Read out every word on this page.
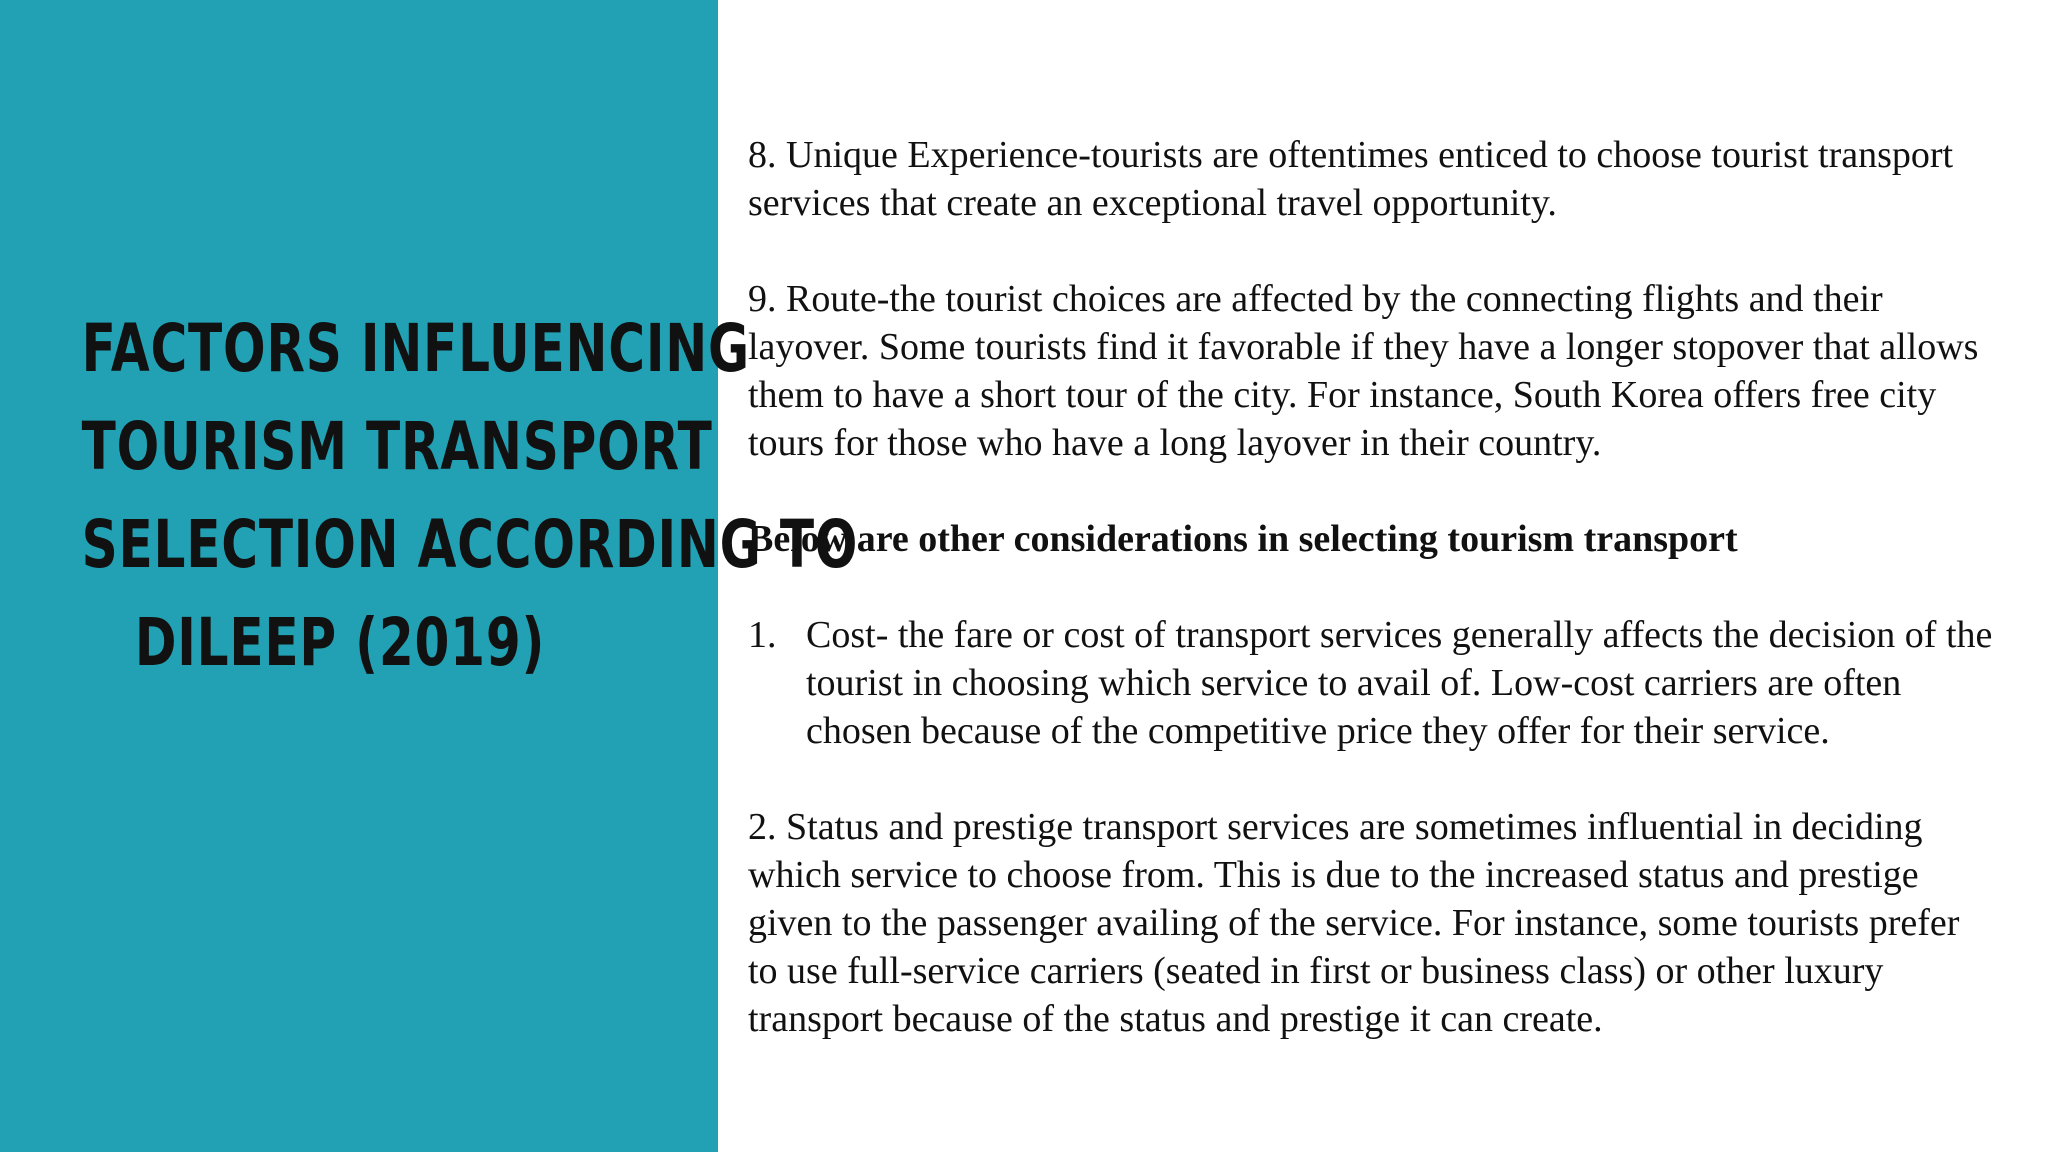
FACTORS INFLUENCING
TOURISM TRANSPORT
SELECTION ACCORDING TO
DILEEP (2019)

8. Unique Experience-tourists are oftentimes enticed to choose tourist transport
services that create an exceptional travel opportunity.

9. Route-the tourist choices are affected by the connecting flights and their
layover. Some tourists find it favorable if they have a longer stopover that allows
them to have a short tour of the city. For instance, South Korea offers free city
tours for those who have a long layover in their country.

Below are other considerations in selecting tourism transport

1. Cost- the fare or cost of transport services generally affects the decision of the
tourist in choosing which service to avail of. Low-cost carriers are often
chosen because of the competitive price they offer for their service.

2. Status and prestige transport services are sometimes influential in deciding
which service to choose from. This is due to the increased status and prestige
given to the passenger availing of the service. For instance, some tourists prefer
to use full-service carriers (seated in first or business class) or other luxury
transport because of the status and prestige it can create.
